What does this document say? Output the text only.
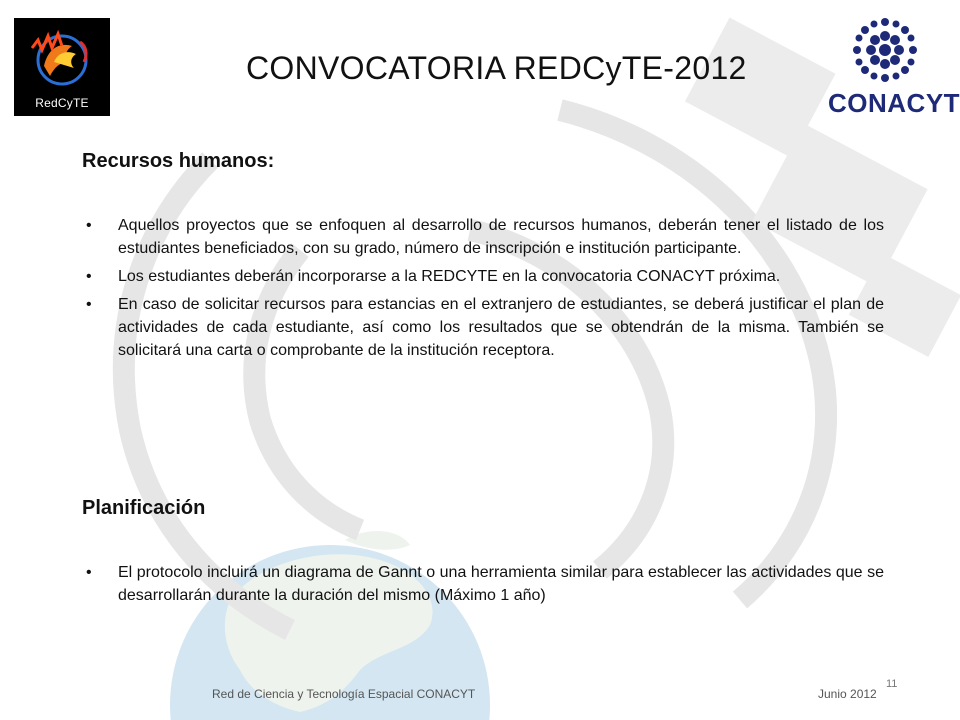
RedCyTE	CONACYT
CONVOCATORIA REDCyTE-2012
Recursos humanos:
• Aquellos proyectos que se enfoquen al desarrollo de recursos humanos, deberán tener el listado de los estudiantes beneficiados, con su grado, número de inscripción e institución participante.
• Los estudiantes deberán incorporarse a la REDCYTE en la convocatoria CONACYT próxima.
• En caso de solicitar recursos para estancias en el extranjero de estudiantes, se deberá justificar el plan de actividades de cada estudiante, así como los resultados que se obtendrán de la misma. También se solicitará una carta o comprobante de la institución receptora.
Planificación
• El protocolo incluirá un diagrama de Gannt o una herramienta similar para establecer las actividades que se desarrollarán durante la duración del mismo (Máximo 1 año)
Red de Ciencia y Tecnología Espacial CONACYT	Junio 2012
11
